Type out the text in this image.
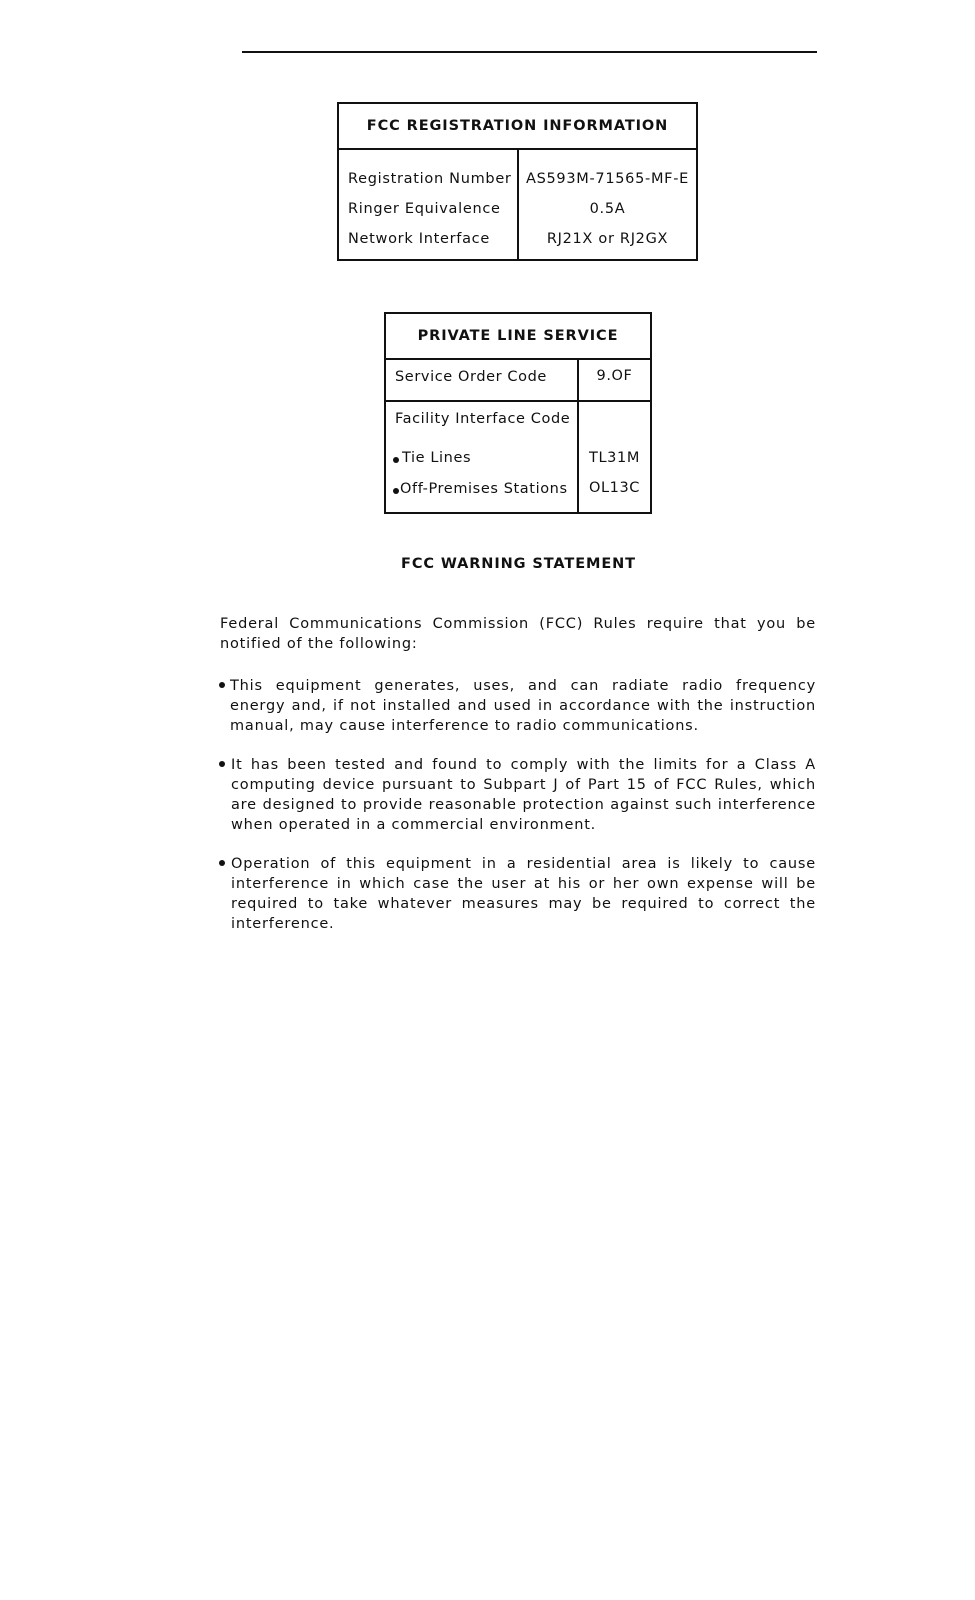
FCC REGISTRATION INFORMATION
Registration Number AS593M-71565-MF-E
Ringer Equivalence	0.5A
Network Interface	RJ21X or RJ2GX
PRIVATE LINE SERVICE
Service Order Code	9.OF
Facility Interface Code
Tie Lines	TL31M
Off-Premises Stations	OL13C
FCC WARNING STATEMENT
Federal Communications Commission (FCC) Rules require that you be notified of the following:
This equipment generates, uses, and can radiate radio frequency energy and, if not installed and used in accordance with the instruction manual, may cause interference to radio communications.
It has been tested and found to comply with the limits for a Class A computing device pursuant to Subpart J of Part 15 of FCC Rules, which are designed to provide reasonable protection against such interference when operated in a commercial environment.
Operation of this equipment in a residential area is likely to cause interference in which case the user at his or her own expense will be required to take whatever measures may be required to correct the interference.
